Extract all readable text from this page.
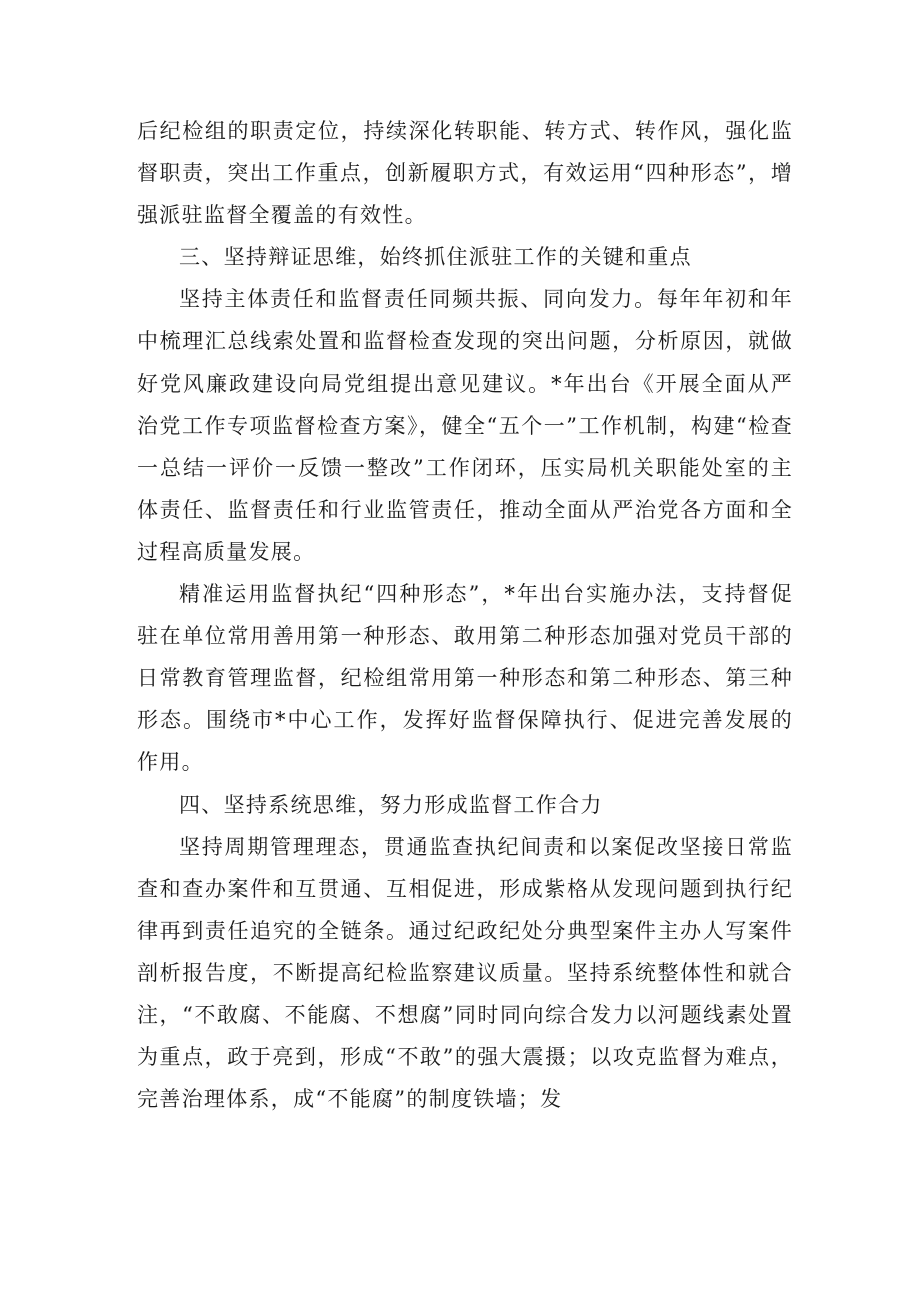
后纪检组的职责定位，持续深化转职能、转方式、转作风，强化监督职责，突出工作重点，创新履职方式，有效运用“四种形态”，增强派驻监督全覆盖的有效性。

三、坚持辩证思维，始终抓住派驻工作的关键和重点

坚持主体责任和监督责任同频共振、同向发力。每年年初和年中梳理汇总线索处置和监督检查发现的突出问题，分析原因，就做好党风廉政建设向局党组提出意见建议。*年出台《开展全面从严治党工作专项监督检查方案》，健全“五个一”工作机制，构建“检查一总结一评价一反馈一整改”工作闭环，压实局机关职能处室的主体责任、监督责任和行业监管责任，推动全面从严治党各方面和全过程高质量发展。

精准运用监督执纪“四种形态”，*年出台实施办法，支持督促驻在单位常用善用第一种形态、敢用第二种形态加强对党员干部的日常教育管理监督，纪检组常用第一种形态和第二种形态、第三种形态。围绕市*中心工作，发挥好监督保障执行、促进完善发展的作用。

四、坚持系统思维，努力形成监督工作合力

坚持周期管理理态，贯通监查执纪间责和以案促改坚接日常监查和查办案件和互贯通、互相促进，形成紫格从发现问题到执行纪律再到责任追究的全链条。通过纪政纪处分典型案件主办人写案件剖析报告度，不断提高纪检监察建议质量。坚持系统整体性和就合注，“不敢腐、不能腐、不想腐”同时同向综合发力以河题线素处置为重点，政于亮到，形成“不敢”的强大震摄；以攻克监督为难点，完善治理体系，成“不能腐”的制度铁墙；发
